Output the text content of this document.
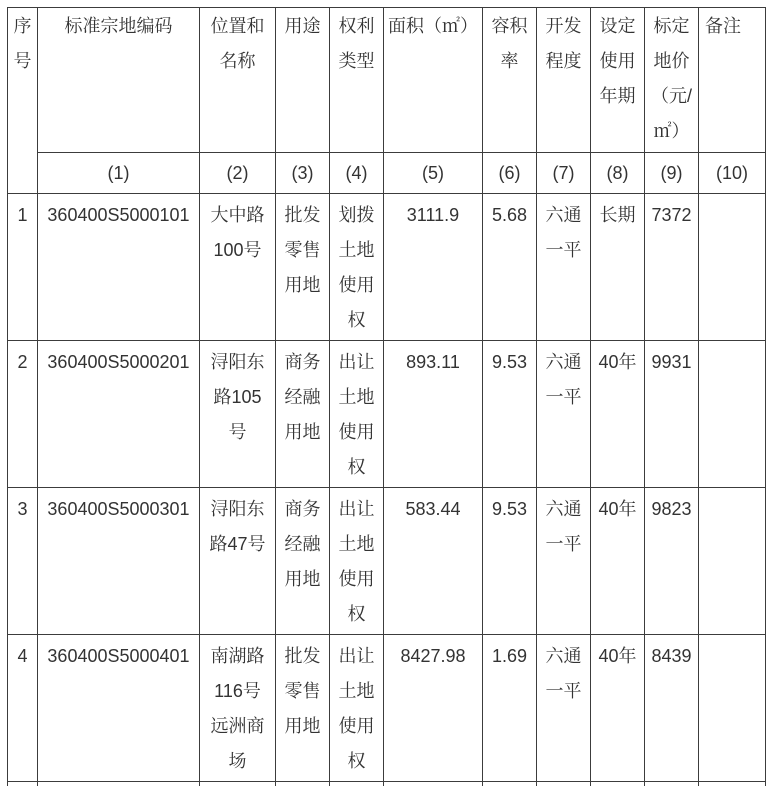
序号	标准宗地编码	位置和名称	用途	权利类型	面积（㎡）	容积率	开发程度	设定使用年期	标定地价（元/㎡）	备注
	(1)	(2)	(3)	(4)	(5)	(6)	(7)	(8)	(9)	(10)
1	360400S5000101	大中路100号	批发零售用地	划拨土地使用权	3111.9	5.68	六通一平	长期	7372	
2	360400S5000201	浔阳东路105号	商务经融用地	出让土地使用权	893.11	9.53	六通一平	40年	9931	
3	360400S5000301	浔阳东路47号	商务经融用地	出让土地使用权	583.44	9.53	六通一平	40年	9823	
4	360400S5000401	南湖路116号远洲商场	批发零售用地	出让土地使用权	8427.98	1.69	六通一平	40年	8439	
